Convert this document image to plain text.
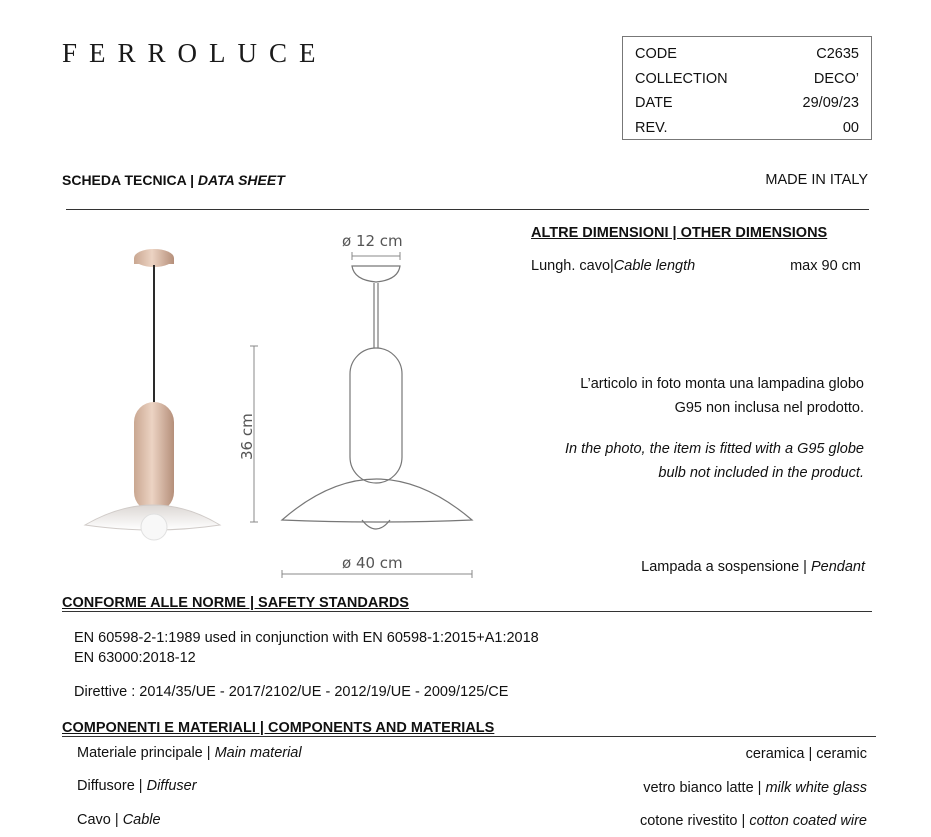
FERROLUCE	CODE	C2635
COLLECTION	DECO’
DATE	29/09/23
REV.	00
SCHEDA TECNICA | DATA SHEET	MADE IN ITALY
ø 12 cm
36 cm
ø 40 cm
ALTRE DIMENSIONI | OTHER DIMENSIONS
Lungh. cavo|Cable length	max 90 cm
L’articolo in foto monta una lampadina globo
G95 non inclusa nel prodotto.
In the photo, the item is fitted with a G95 globe
bulb not included in the product.
Lampada a sospensione | Pendant
CONFORME ALLE NORME | SAFETY STANDARDS
EN 60598-2-1:1989 used in conjunction with EN 60598-1:2015+A1:2018
EN 63000:2018-12
Direttive : 2014/35/UE - 2017/2102/UE - 2012/19/UE - 2009/125/CE
COMPONENTI E MATERIALI | COMPONENTS AND MATERIALS
Materiale principale | Main material	ceramica | ceramic
Diffusore | Diffuser	vetro bianco latte | milk white glass
Cavo | Cable	cotone rivestito | cotton coated wire
